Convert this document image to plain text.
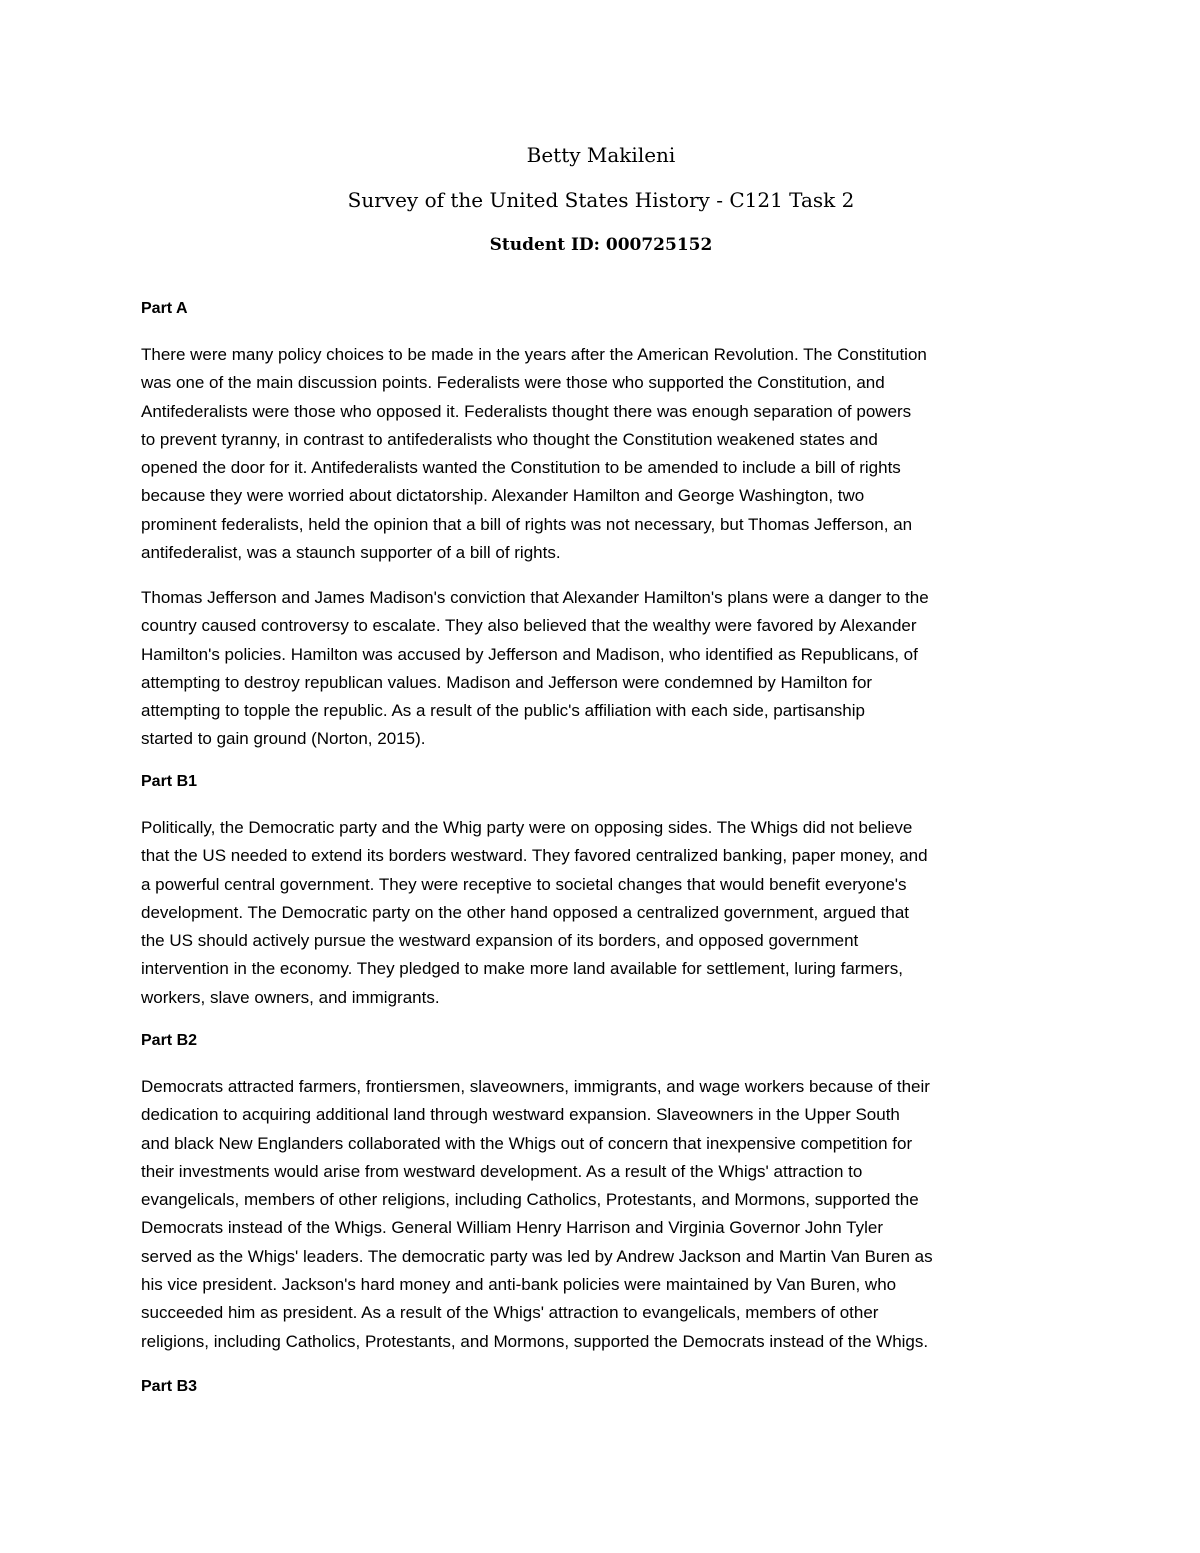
Betty Makileni
Survey of the United States History - C121 Task 2
Student ID: 000725152
Part A
There were many policy choices to be made in the years after the American Revolution. The Constitution
was one of the main discussion points. Federalists were those who supported the Constitution, and
Antifederalists were those who opposed it. Federalists thought there was enough separation of powers
to prevent tyranny, in contrast to antifederalists who thought the Constitution weakened states and
opened the door for it. Antifederalists wanted the Constitution to be amended to include a bill of rights
because they were worried about dictatorship. Alexander Hamilton and George Washington, two
prominent federalists, held the opinion that a bill of rights was not necessary, but Thomas Jefferson, an
antifederalist, was a staunch supporter of a bill of rights.
Thomas Jefferson and James Madison's conviction that Alexander Hamilton's plans were a danger to the
country caused controversy to escalate. They also believed that the wealthy were favored by Alexander
Hamilton's policies. Hamilton was accused by Jefferson and Madison, who identified as Republicans, of
attempting to destroy republican values. Madison and Jefferson were condemned by Hamilton for
attempting to topple the republic. As a result of the public's affiliation with each side, partisanship
started to gain ground (Norton, 2015).
Part B1
Politically, the Democratic party and the Whig party were on opposing sides. The Whigs did not believe
that the US needed to extend its borders westward. They favored centralized banking, paper money, and
a powerful central government. They were receptive to societal changes that would benefit everyone's
development. The Democratic party on the other hand opposed a centralized government, argued that
the US should actively pursue the westward expansion of its borders, and opposed government
intervention in the economy. They pledged to make more land available for settlement, luring farmers,
workers, slave owners, and immigrants.
Part B2
Democrats attracted farmers, frontiersmen, slaveowners, immigrants, and wage workers because of their
dedication to acquiring additional land through westward expansion. Slaveowners in the Upper South
and black New Englanders collaborated with the Whigs out of concern that inexpensive competition for
their investments would arise from westward development. As a result of the Whigs' attraction to
evangelicals, members of other religions, including Catholics, Protestants, and Mormons, supported the
Democrats instead of the Whigs. General William Henry Harrison and Virginia Governor John Tyler
served as the Whigs' leaders. The democratic party was led by Andrew Jackson and Martin Van Buren as
his vice president. Jackson's hard money and anti-bank policies were maintained by Van Buren, who
succeeded him as president. As a result of the Whigs' attraction to evangelicals, members of other
religions, including Catholics, Protestants, and Mormons, supported the Democrats instead of the Whigs.
Part B3
